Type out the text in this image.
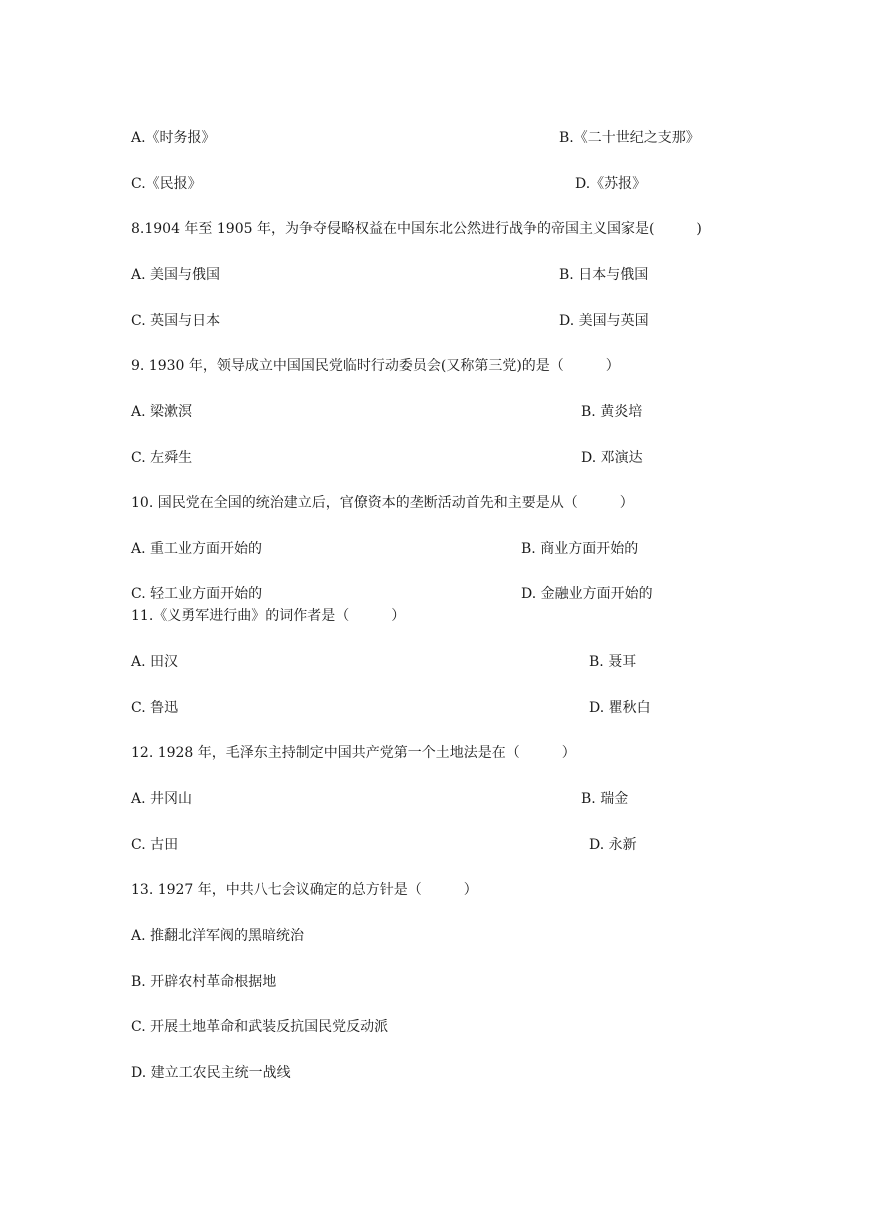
A.《时务报》	B.《二十世纪之支那》
C.《民报》	D.《苏报》
8.1904 年至 1905 年，为争夺侵略权益在中国东北公然进行战争的帝国主义国家是(　　　)
A. 美国与俄国	B. 日本与俄国
C. 英国与日本	D. 美国与英国
9. 1930 年，领导成立中国国民党临时行动委员会(又称第三党)的是（　　　）
A. 梁漱溟	B. 黄炎培
C. 左舜生	D. 邓演达
10. 国民党在全国的统治建立后，官僚资本的垄断活动首先和主要是从（　　　）
A. 重工业方面开始的	B. 商业方面开始的
C. 轻工业方面开始的	D. 金融业方面开始的
11.《义勇军进行曲》的词作者是（　　　）
A. 田汉	B. 聂耳
C. 鲁迅	D. 瞿秋白
12. 1928 年，毛泽东主持制定中国共产党第一个土地法是在（　　　）
A. 井冈山	B. 瑞金
C. 古田	D. 永新
13. 1927 年，中共八七会议确定的总方针是（　　　）
A. 推翻北洋军阀的黑暗统治
B. 开辟农村革命根据地
C. 开展土地革命和武装反抗国民党反动派
D. 建立工农民主统一战线
